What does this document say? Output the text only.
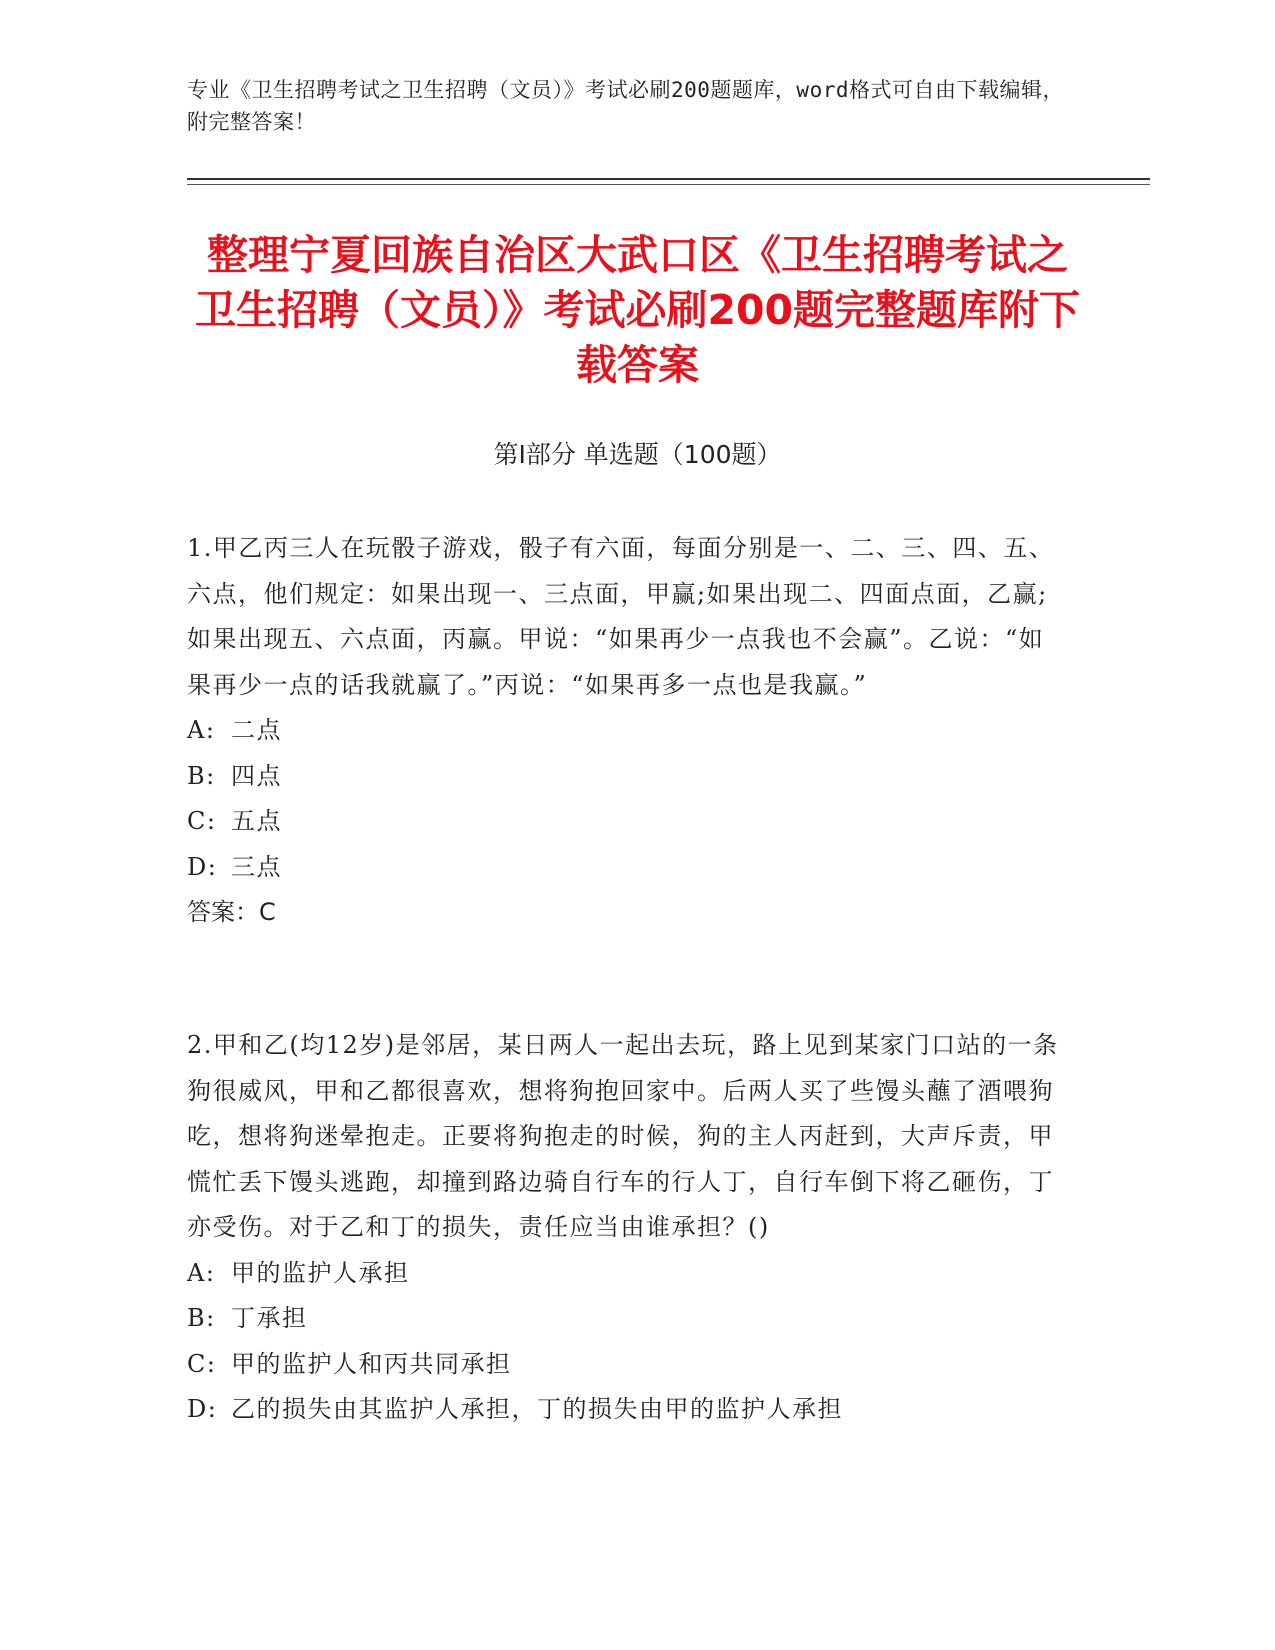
专业《卫生招聘考试之卫生招聘（文员）》考试必刷200题题库，word格式可自由下载编辑，附完整答案！
整理宁夏回族自治区大武口区《卫生招聘考试之卫生招聘（文员）》考试必刷200题完整题库附下载答案
第Ⅰ部分 单选题（100题）
1.甲乙丙三人在玩骰子游戏，骰子有六面，每面分别是一、二、三、四、五、六点，他们规定：如果出现一、三点面，甲赢;如果出现二、四面点面，乙赢;如果出现五、六点面，丙赢。甲说：“如果再少一点我也不会赢”。乙说：“如果再少一点的话我就赢了。”丙说：“如果再多一点也是我赢。”
A: 二点
B: 四点
C: 五点
D: 三点
答案：C
2.甲和乙(均12岁)是邻居，某日两人一起出去玩，路上见到某家门口站的一条狗很威风，甲和乙都很喜欢，想将狗抱回家中。后两人买了些馒头蘸了酒喂狗吃，想将狗迷晕抱走。正要将狗抱走的时候，狗的主人丙赶到，大声斥责，甲慌忙丢下馒头逃跑，却撞到路边骑自行车的行人丁，自行车倒下将乙砸伤，丁亦受伤。对于乙和丁的损失，责任应当由谁承担？()
A: 甲的监护人承担
B: 丁承担
C: 甲的监护人和丙共同承担
D: 乙的损失由其监护人承担，丁的损失由甲的监护人承担
